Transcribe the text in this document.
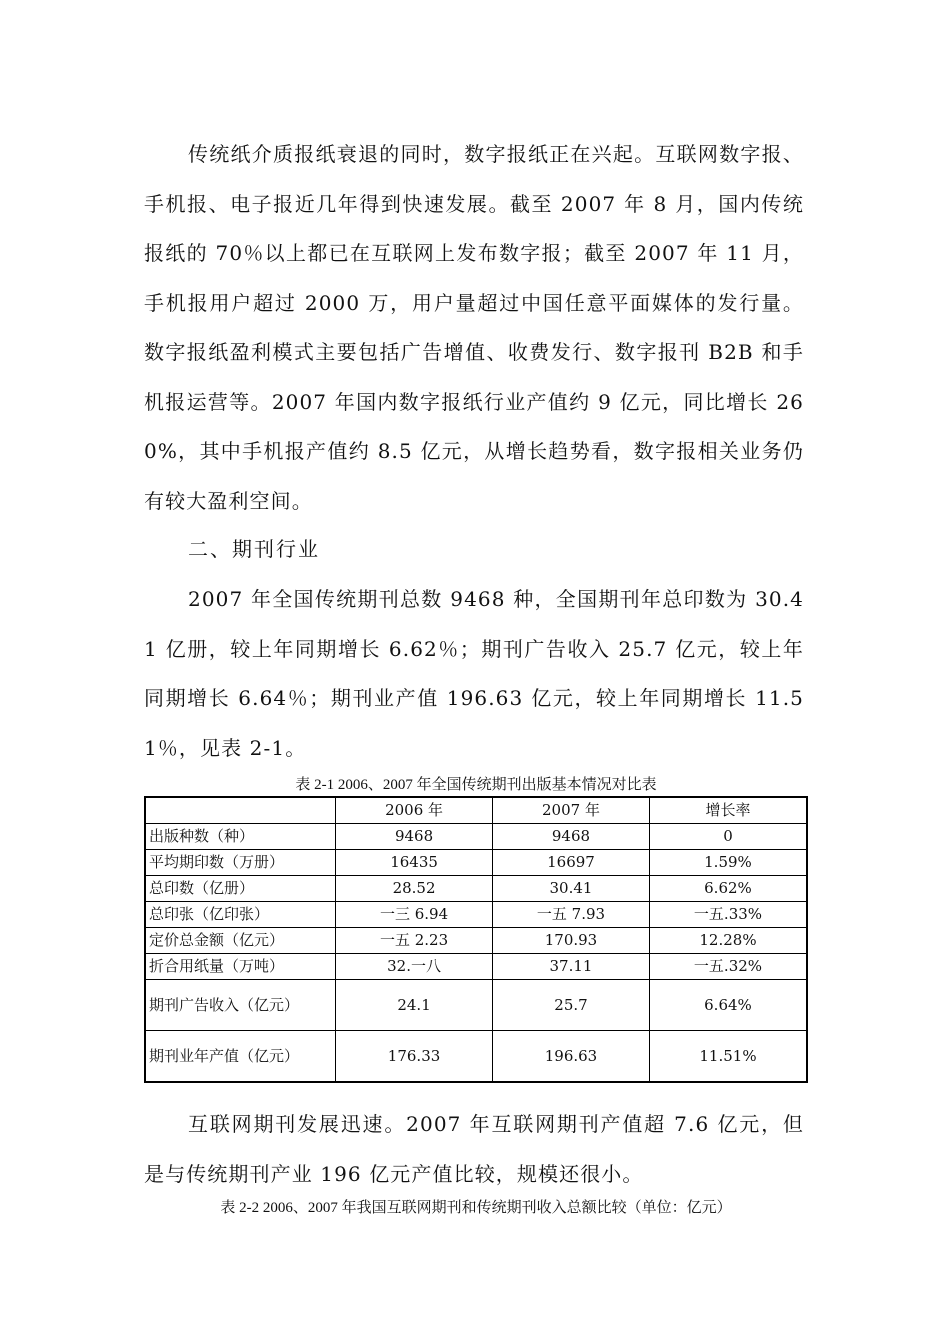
传统纸介质报纸衰退的同时，数字报纸正在兴起。互联网数字报、手机报、电子报近几年得到快速发展。截至 2007 年 8 月，国内传统报纸的 70％以上都已在互联网上发布数字报；截至 2007 年 11 月，手机报用户超过 2000 万，用户量超过中国任意平面媒体的发行量。数字报纸盈利模式主要包括广告增值、收费发行、数字报刊 B2B 和手机报运营等。2007 年国内数字报纸行业产值约 9 亿元，同比增长 260%，其中手机报产值约 8.5 亿元，从增长趋势看，数字报相关业务仍有较大盈利空间。

二、期刊行业

2007 年全国传统期刊总数 9468 种，全国期刊年总印数为 30.41 亿册，较上年同期增长 6.62％；期刊广告收入 25.7 亿元，较上年同期增长 6.64％；期刊业产值 196.63 亿元，较上年同期增长 11.51％，见表 2-1。

表 2-1 2006、2007 年全国传统期刊出版基本情况对比表

	2006 年	2007 年	增长率
出版种数（种）	9468	9468	0
平均期印数（万册）	16435	16697	1.59%
总印数（亿册）	28.52	30.41	6.62%
总印张（亿印张）	一三 6.94	一五 7.93	一五.33%
定价总金额（亿元）	一五 2.23	170.93	12.28%
折合用纸量（万吨）	32.一八	37.11	一五.32%
期刊广告收入（亿元）	24.1	25.7	6.64%
期刊业年产值（亿元）	176.33	196.63	11.51%

互联网期刊发展迅速。2007 年互联网期刊产值超 7.6 亿元，但是与传统期刊产业 196 亿元产值比较，规模还很小。

表 2-2 2006、2007 年我国互联网期刊和传统期刊收入总额比较（单位：亿元）
